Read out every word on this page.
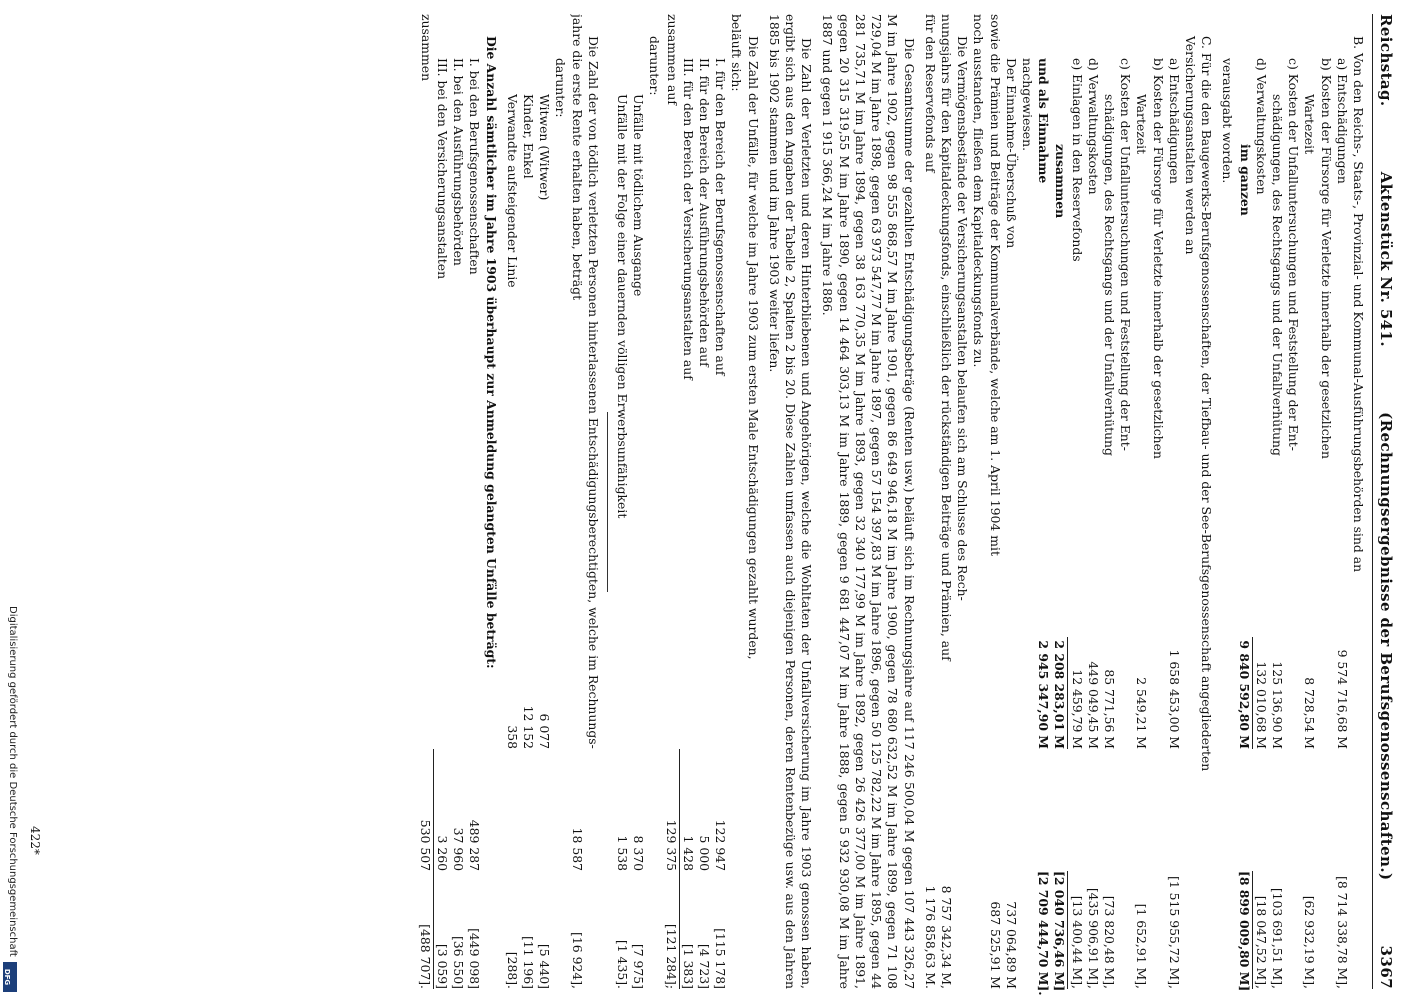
Reichstag.
Aktenstück Nr. 541.
(Rechnungsergebnisse der Berufsgenossenschaften.)
3367
B. Von den Reichs-, Staats-, Provinzial- und Kommunal-Ausführungsbehörden sind an
a) Entschädigungen
9 574 716,68 M
[8 714 338,78 M],
b) Kosten der Fürsorge für Verletzte innerhalb der gesetzlichen
Wartezeit
8 728,54 M
[62 932,19 M],
c) Kosten der Unfalluntersuchungen und Feststellung der Ent-
schädigungen, des Rechtsgangs und der Unfallverhütung
125 136,90 M
[103 691,51 M],
d) Verwaltungskosten
132 010,68 M
[18 047,52 M],
im ganzen
9 840 592,80 M
[8 899 009,80 M]
verausgabt worden.
C. Für die den Baugewerks-Berufsgenossenschaften, der Tiefbau- und der See-Berufsgenossenschaft angegliederten
Versicherungsanstalten werden an
a) Entschädigungen
1 658 453,00 M
[1 515 955,72 M],
b) Kosten der Fürsorge für Verletzte innerhalb der gesetzlichen
Wartezeit
2 549,21 M
[1 652,91 M],
c) Kosten der Unfalluntersuchungen und Feststellung der Ent-
schädigungen, des Rechtsgangs und der Unfallverhütung
85 771,56 M
[73 820,48 M],
d) Verwaltungskosten
449 049,45 M
[435 906,91 M],
e) Einlagen in den Reservefonds
12 459,79 M
[13 400,44 M],
zusammen
2 208 283,01 M
[2 040 736,46 M]
und als Einnahme
2 945 347,90 M
[2 709 444,70 M].
nachgewiesen.
Der Einnahme-Überschuß von
737 064,89 M
sowie die Prämien und Beiträge der Kommunalverbände, welche am 1. April 1904 mit
687 525,91 M
noch ausstanden, fließen dem Kapitaldeckungsfonds zu.
Die Vermögensbestände der Versicherungsanstalten belaufen sich am Schlusse des Rech-
nungsjahrs für den Kapitaldeckungsfonds, einschließlich der rückständigen Beiträge und Prämien, auf
8 757 342,34 M,
für den Reservefonds auf
1 176 858,63 M.
Die Gesamtsumme der gezahlten Entschädigungsbeträge (Renten usw.) beläuft sich im Rechnungsjahre auf 117 246 500,04 M gegen 107 443 326,27 M im Jahre 1902, gegen 98 555 868,57 M im Jahre 1901, gegen 86 649 946,18 M im Jahre 1900, gegen 78 680 632,52 M im Jahre 1899, gegen 71 108 729,04 M im Jahre 1898, gegen 63 973 547,77 M im Jahre 1897, gegen 57 154 397,83 M im Jahre 1896, gegen 50 125 782,22 M im Jahre 1895, gegen 44 281 735,71 M im Jahre 1894, gegen 38 163 770,35 M im Jahre 1893, gegen 32 340 177,99 M im Jahre 1892, gegen 26 426 377,00 M im Jahre 1891, gegen 20 315 319,55 M im Jahre 1890, gegen 14 464 303,13 M im Jahre 1889, gegen 9 681 447,07 M im Jahre 1888, gegen 5 932 930,08 M im Jahre 1887 und gegen 1 915 366,24 M im Jahre 1886.
Die Zahl der Verletzten und deren Hinterbliebenen und Angehörigen, welche die Wohltaten der Unfallversicherung im Jahre 1903 genossen haben, ergibt sich aus den Angaben der Tabelle 2, Spalten 2 bis 20. Diese Zahlen umfassen auch diejenigen Personen, deren Rentenbezüge usw. aus den Jahren 1885 bis 1902 stammen und im Jahre 1903 weiter liefen.
Die Zahl der Unfälle, für welche im Jahre 1903 zum ersten Male Entschädigungen gezahlt wurden,
beläuft sich:
I. für den Bereich der Berufsgenossenschaften auf
122 947
[115 178]
II. für den Bereich der Ausführungsbehörden auf
5 000
[4 723]
III. für den Bereich der Versicherungsanstalten auf
1 428
[1 383]
zusammen auf
129 375
[121 284];
darunter:
Unfälle mit tödlichem Ausgange
8 370
[7 975]
Unfälle mit der Folge einer dauernden völligen Erwerbsunfähigkeit
1 538
[1 435].
Die Zahl der von tödlich verletzten Personen hinterlassenen Entschädigungsberechtigten, welche im Rechnungs-
jahre die erste Rente erhalten haben, beträgt
18 587
[16 924],
darunter:
Witwen (Witwer)
6 077
[5 440]
Kinder, Enkel
12 152
[11 196]
Verwandte aufsteigender Linie
358
[288].
Die Anzahl sämtlicher im Jahre 1903 überhaupt zur Anmeldung gelangten Unfälle beträgt:
I. bei den Berufsgenossenschaften
489 287
[449 098]
II. bei den Ausführungsbehörden
37 960
[36 550]
III. bei den Versicherungsanstalten
3 260
[3 059]
zusammen
530 507
[488 707].
Digitalisierung gefördert durch die Deutsche Forschungsgemeinschaft
DFG
422*
